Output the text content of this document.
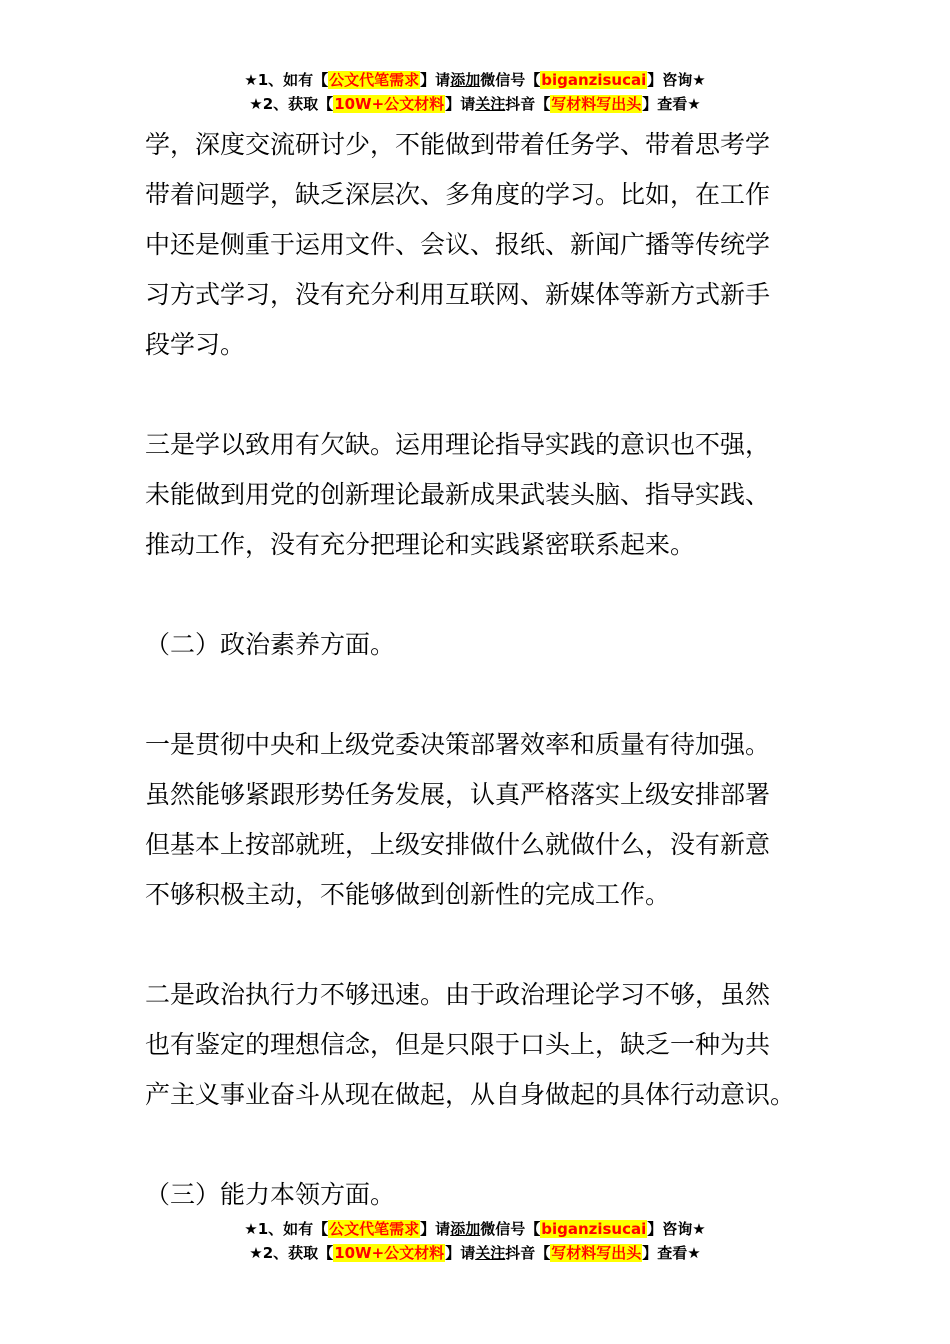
★1、如有【公文代笔需求】请添加微信号【biganzisucai】咨询★
★2、获取【10W+公文材料】请关注抖音【写材料写出头】查看★
学，深度交流研讨少，不能做到带着任务学、带着思考学
带着问题学，缺乏深层次、多角度的学习。比如，在工作
中还是侧重于运用文件、会议、报纸、新闻广播等传统学
习方式学习，没有充分利用互联网、新媒体等新方式新手
段学习。
三是学以致用有欠缺。运用理论指导实践的意识也不强，
未能做到用党的创新理论最新成果武装头脑、指导实践、
推动工作，没有充分把理论和实践紧密联系起来。
（二）政治素养方面。
一是贯彻中央和上级党委决策部署效率和质量有待加强。
虽然能够紧跟形势任务发展，认真严格落实上级安排部署
但基本上按部就班，上级安排做什么就做什么，没有新意
不够积极主动，不能够做到创新性的完成工作。
二是政治执行力不够迅速。由于政治理论学习不够，虽然
也有鉴定的理想信念，但是只限于口头上，缺乏一种为共
产主义事业奋斗从现在做起，从自身做起的具体行动意识。
（三）能力本领方面。
★1、如有【公文代笔需求】请添加微信号【biganzisucai】咨询★
★2、获取【10W+公文材料】请关注抖音【写材料写出头】查看★
